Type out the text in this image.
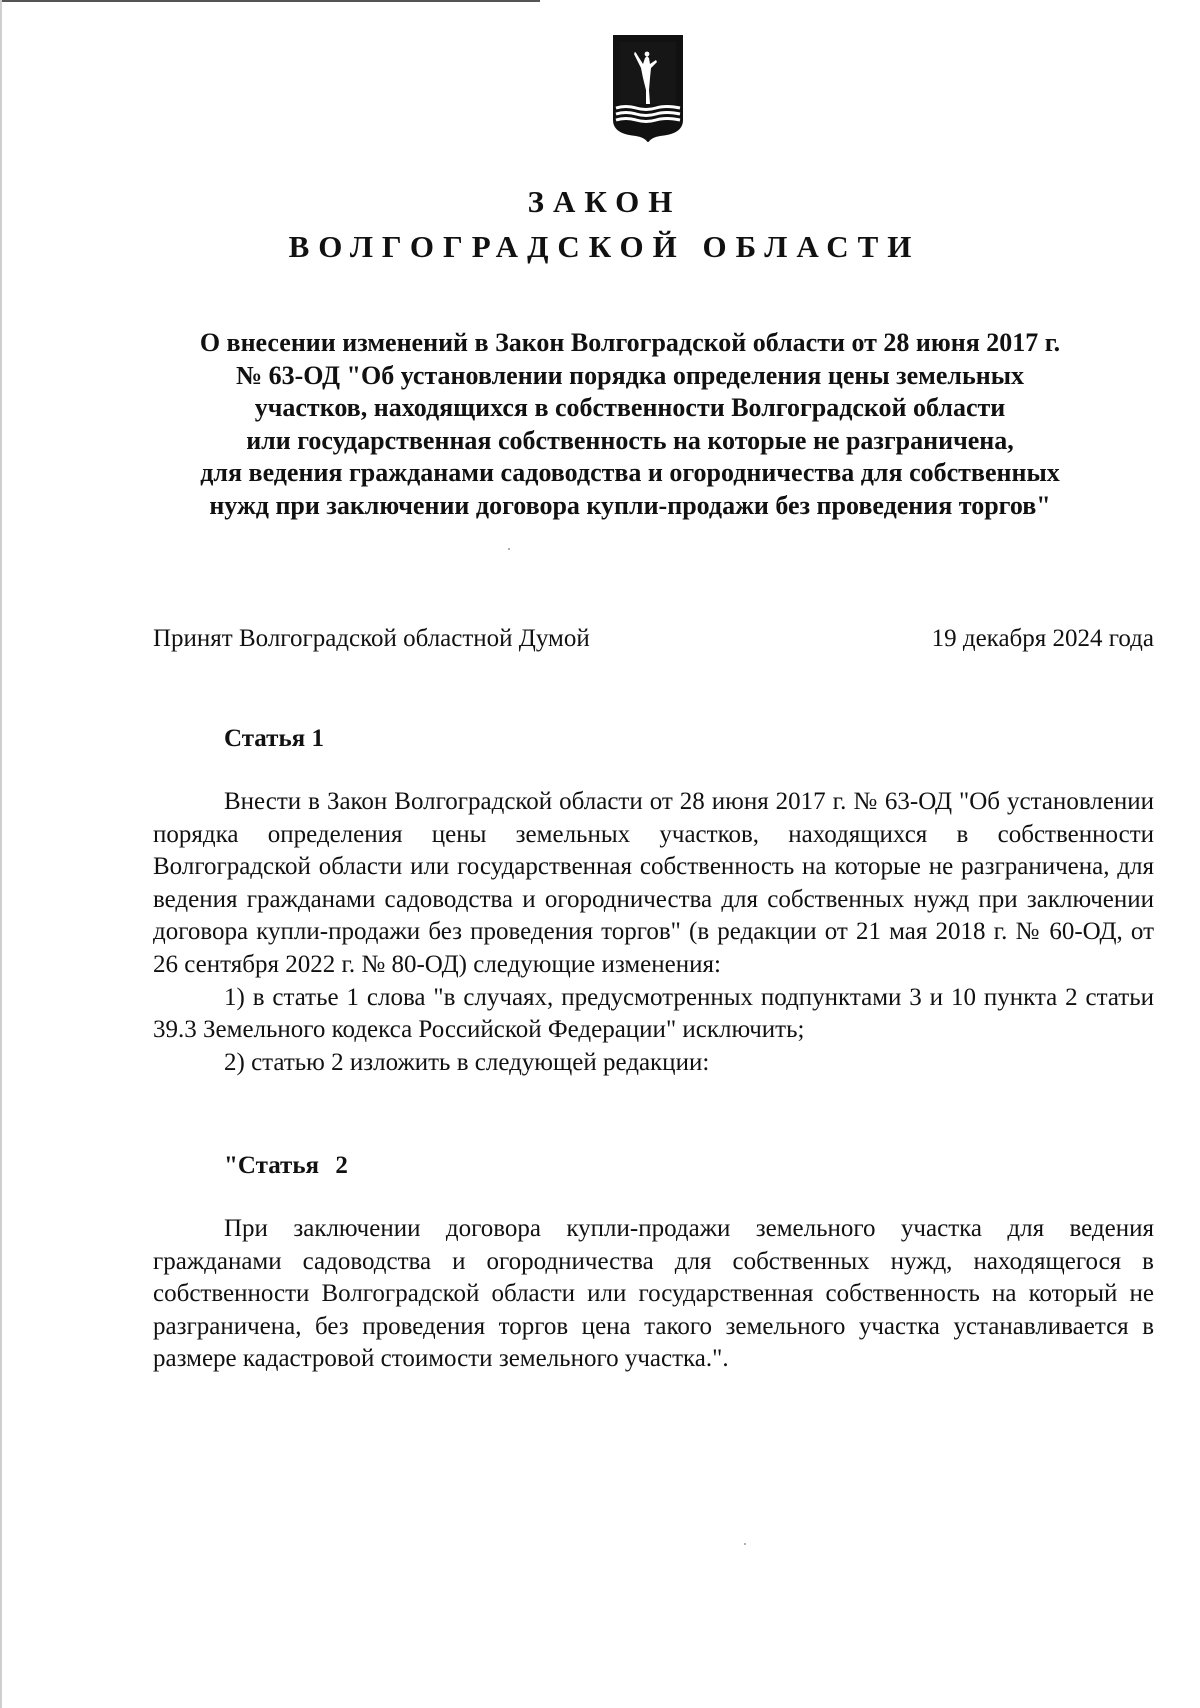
ЗАКОН
ВОЛГОГРАДСКОЙ ОБЛАСТИ
О внесении изменений в Закон Волгоградской области от 28 июня 2017 г.
№ 63-ОД "Об установлении порядка определения цены земельных
участков, находящихся в собственности Волгоградской области
или государственная собственность на которые не разграничена,
для ведения гражданами садоводства и огородничества для собственных
нужд при заключении договора купли-продажи без проведения торгов"
Принят Волгоградской областной Думой	19 декабря 2024 года
Статья 1

Внести в Закон Волгоградской области от 28 июня 2017 г. № 63-ОД "Об установлении порядка определения цены земельных участков, находящихся в собственности Волгоградской области или государственная собственность на которые не разграничена, для ведения гражданами садоводства и огородничества для собственных нужд при заключении договора купли-продажи без проведения торгов" (в редакции от 21 мая 2018 г. № 60-ОД, от 26 сентября 2022 г. № 80-ОД) следующие изменения:

1) в статье 1 слова "в случаях, предусмотренных подпунктами 3 и 10 пункта 2 статьи 39.3 Земельного кодекса Российской Федерации" исключить;

2) статью 2 изложить в следующей редакции:

"Статья 2

При заключении договора купли-продажи земельного участка для ведения гражданами садоводства и огородничества для собственных нужд, находящегося в собственности Волгоградской области или государственная собственность на который не разграничена, без проведения торгов цена такого земельного участка устанавливается в размере кадастровой стоимости земельного участка.".
